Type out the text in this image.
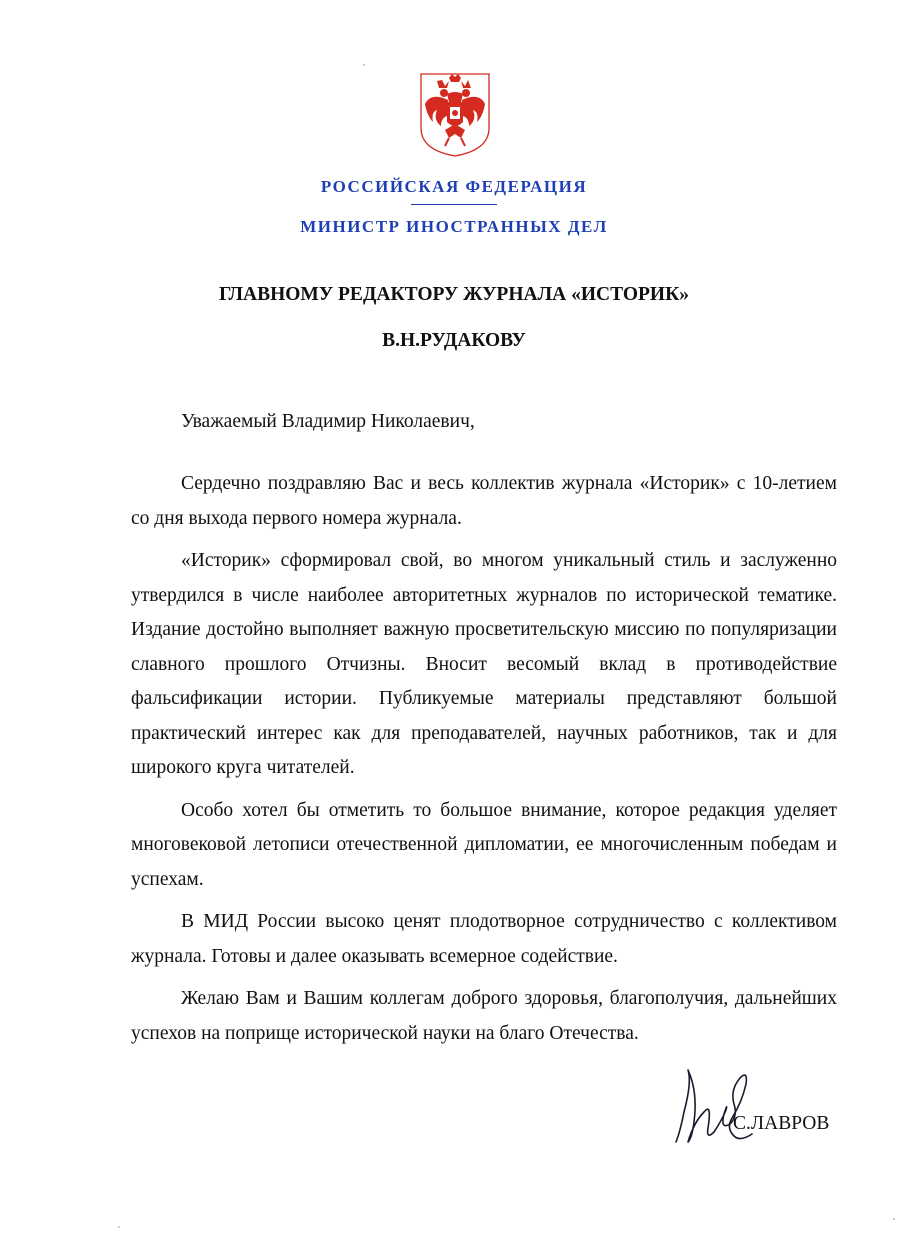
РОССИЙСКАЯ ФЕДЕРАЦИЯ
МИНИСТР ИНОСТРАННЫХ ДЕЛ
ГЛАВНОМУ РЕДАКТОРУ ЖУРНАЛА «ИСТОРИК»
В.Н.РУДАКОВУ
Уважаемый Владимир Николаевич,

Сердечно поздравляю Вас и весь коллектив журнала «Историк» с 10-летием со дня выхода первого номера журнала.

«Историк» сформировал свой, во многом уникальный стиль и заслуженно утвердился в числе наиболее авторитетных журналов по исторической тематике. Издание достойно выполняет важную просветительскую миссию по популяризации славного прошлого Отчизны. Вносит весомый вклад в противодействие фальсификации истории. Публикуемые материалы представляют большой практический интерес как для преподавателей, научных работников, так и для широкого круга читателей.

Особо хотел бы отметить то большое внимание, которое редакция уделяет многовековой летописи отечественной дипломатии, ее многочисленным победам и успехам.

В МИД России высоко ценят плодотворное сотрудничество с коллективом журнала. Готовы и далее оказывать всемерное содействие.

Желаю Вам и Вашим коллегам доброго здоровья, благополучия, дальнейших успехов на поприще исторической науки на благо Отечества.

С.ЛАВРОВ
